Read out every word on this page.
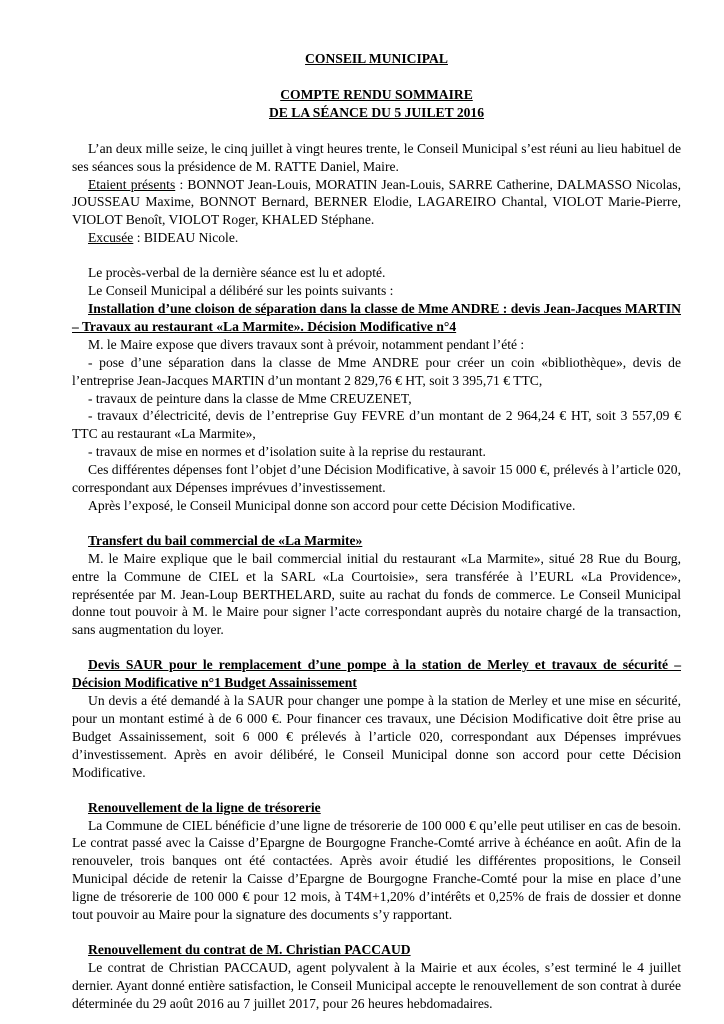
CONSEIL MUNICIPAL
COMPTE RENDU SOMMAIRE
DE LA SÉANCE DU 5 JUILET 2016

L’an deux mille seize, le cinq juillet à vingt heures trente, le Conseil Municipal s’est réuni au lieu habituel de ses séances sous la présidence de M. RATTE Daniel, Maire.

Etaient présents : BONNOT Jean-Louis, MORATIN Jean-Louis, SARRE Catherine, DALMASSO Nicolas, JOUSSEAU Maxime, BONNOT Bernard, BERNER Elodie, LAGAREIRO Chantal, VIOLOT Marie-Pierre, VIOLOT Benoît, VIOLOT Roger, KHALED Stéphane.

Excusée : BIDEAU Nicole.

Le procès-verbal de la dernière séance est lu et adopté.

Le Conseil Municipal a délibéré sur les points suivants :

Installation d’une cloison de séparation dans la classe de Mme ANDRE : devis Jean-Jacques MARTIN – Travaux au restaurant «La Marmite». Décision Modificative n°4

M. le Maire expose que divers travaux sont à prévoir, notamment pendant l’été :

- pose d’une séparation dans la classe de Mme ANDRE pour créer un coin «bibliothèque», devis de l’entreprise Jean-Jacques MARTIN d’un montant 2 829,76 € HT, soit 3 395,71 € TTC,

- travaux de peinture dans la classe de Mme CREUZENET,

- travaux d’électricité, devis de l’entreprise Guy FEVRE d’un montant de 2 964,24 € HT, soit 3 557,09 € TTC au restaurant «La Marmite»,

- travaux de mise en normes et d’isolation suite à la reprise du restaurant.

Ces différentes dépenses font l’objet d’une Décision Modificative, à savoir 15 000 €, prélevés à l’article 020, correspondant aux Dépenses imprévues d’investissement.

Après l’exposé, le Conseil Municipal donne son accord pour cette Décision Modificative.

Transfert du bail commercial de «La Marmite»

M. le Maire explique que le bail commercial initial du restaurant «La Marmite», situé 28 Rue du Bourg, entre la Commune de CIEL et la SARL «La Courtoisie», sera transférée à l’EURL «La Providence», représentée par M. Jean-Loup BERTHELARD, suite au rachat du fonds de commerce. Le Conseil Municipal donne tout pouvoir à M. le Maire pour signer l’acte correspondant auprès du notaire chargé de la transaction, sans augmentation du loyer.

Devis SAUR pour le remplacement d’une pompe à la station de Merley et travaux de sécurité – Décision Modificative n°1 Budget Assainissement

Un devis a été demandé à la SAUR pour changer une pompe à la station de Merley et une mise en sécurité, pour un montant estimé à de 6 000 €. Pour financer ces travaux, une Décision Modificative doit être prise au Budget Assainissement, soit 6 000 € prélevés à l’article 020, correspondant aux Dépenses imprévues d’investissement. Après en avoir délibéré, le Conseil Municipal donne son accord pour cette Décision Modificative.

Renouvellement de la ligne de trésorerie

La Commune de CIEL bénéficie d’une ligne de trésorerie de 100 000 € qu’elle peut utiliser en cas de besoin. Le contrat passé avec la Caisse d’Epargne de Bourgogne Franche-Comté arrive à échéance en août. Afin de la renouveler, trois banques ont été contactées. Après avoir étudié les différentes propositions, le Conseil Municipal décide de retenir la Caisse d’Epargne de Bourgogne Franche-Comté pour la mise en place d’une ligne de trésorerie de 100 000 € pour 12 mois, à T4M+1,20% d’intérêts et 0,25% de frais de dossier et donne tout pouvoir au Maire pour la signature des documents s’y rapportant.

Renouvellement du contrat de M. Christian PACCAUD

Le contrat de Christian PACCAUD, agent polyvalent à la Mairie et aux écoles, s’est terminé le 4 juillet dernier. Ayant donné entière satisfaction, le Conseil Municipal accepte le renouvellement de son contrat à durée déterminée du 29 août 2016 au 7 juillet 2017, pour 26 heures hebdomadaires.
